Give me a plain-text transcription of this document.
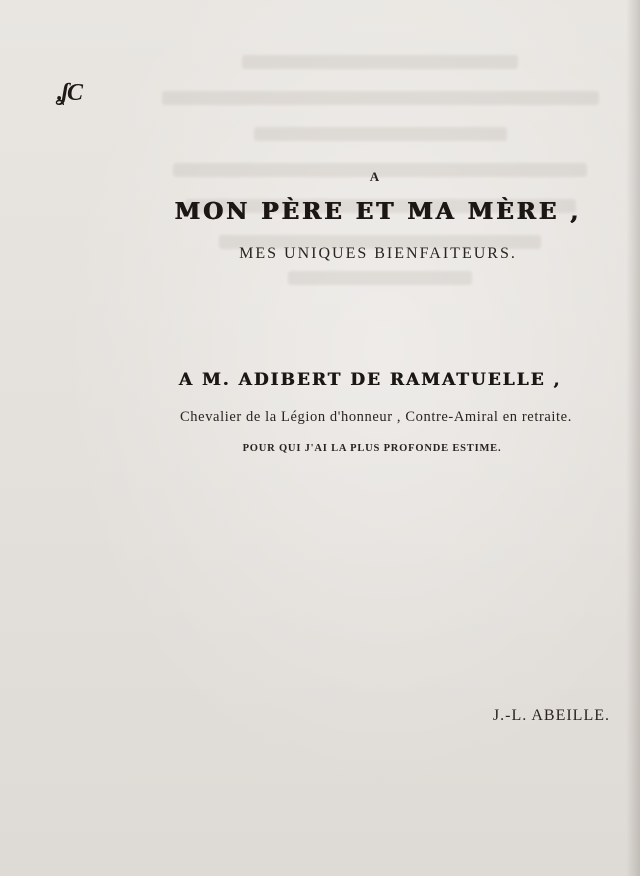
.ʆϹ
A
MON PÈRE ET MA MÈRE ,
MES UNIQUES BIENFAITEURS.
A M. ADIBERT DE RAMATUELLE ,
Chevalier de la Légion d'honneur , Contre-Amiral en retraite.
POUR QUI J'AI LA PLUS PROFONDE ESTIME.
J.-L. ABEILLE.
